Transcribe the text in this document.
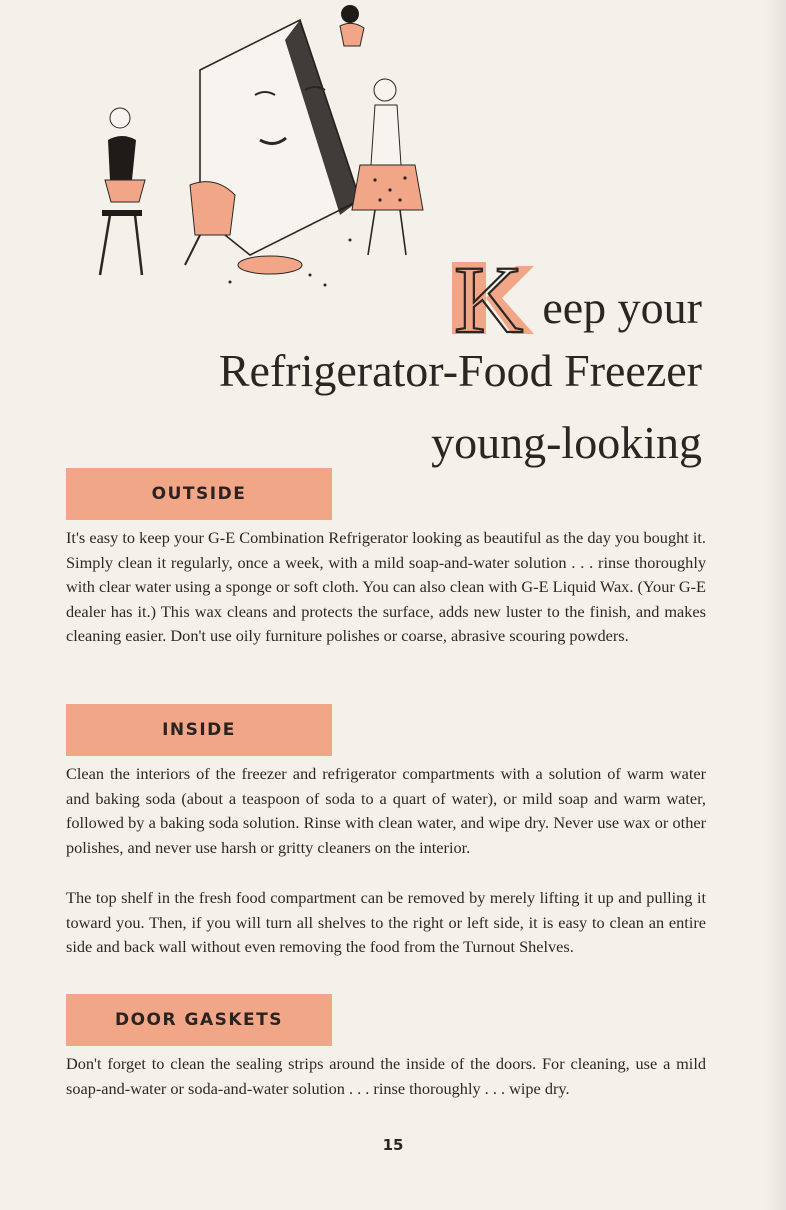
K eep your
Refrigerator-Food Freezer
young-looking
OUTSIDE

It's easy to keep your G-E Combination Refrigerator looking as beautiful as the day you bought it. Simply clean it regularly, once a week, with a mild soap-and-water solution . . . rinse thoroughly with clear water using a sponge or soft cloth. You can also clean with G-E Liquid Wax. (Your G-E dealer has it.) This wax cleans and protects the surface, adds new luster to the finish, and makes cleaning easier. Don't use oily furniture polishes or coarse, abrasive scouring powders.

INSIDE

Clean the interiors of the freezer and refrigerator compartments with a solution of warm water and baking soda (about a teaspoon of soda to a quart of water), or mild soap and warm water, followed by a baking soda solution. Rinse with clean water, and wipe dry. Never use wax or other polishes, and never use harsh or gritty cleaners on the interior.

The top shelf in the fresh food compartment can be removed by merely lifting it up and pulling it toward you. Then, if you will turn all shelves to the right or left side, it is easy to clean an entire side and back wall without even removing the food from the Turnout Shelves.

DOOR GASKETS

Don't forget to clean the sealing strips around the inside of the doors. For cleaning, use a mild soap-and-water or soda-and-water solution . . . rinse thoroughly . . . wipe dry.

15
